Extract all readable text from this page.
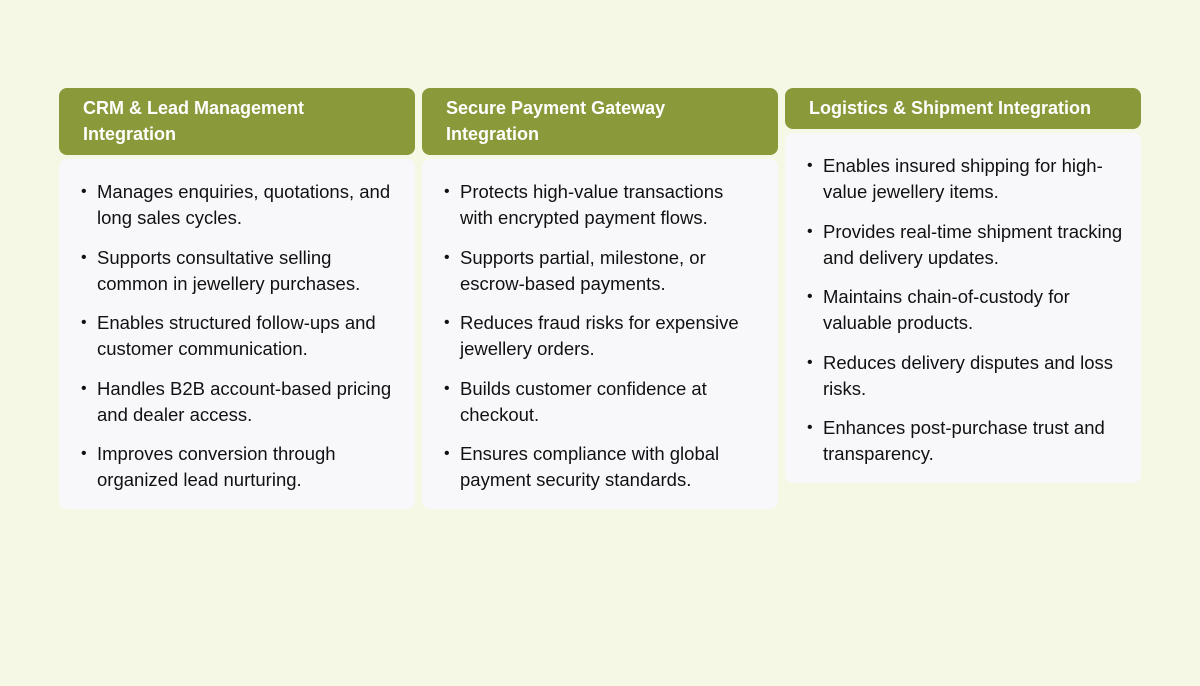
CRM & Lead Management Integration
• Manages enquiries, quotations, and long sales cycles.
• Supports consultative selling common in jewellery purchases.
• Enables structured follow-ups and customer communication.
• Handles B2B account-based pricing and dealer access.
• Improves conversion through organized lead nurturing.
Secure Payment Gateway Integration
• Protects high-value transactions with encrypted payment flows.
• Supports partial, milestone, or escrow-based payments.
• Reduces fraud risks for expensive jewellery orders.
• Builds customer confidence at checkout.
• Ensures compliance with global payment security standards.
Logistics & Shipment Integration
• Enables insured shipping for high-value jewellery items.
• Provides real-time shipment tracking and delivery updates.
• Maintains chain-of-custody for valuable products.
• Reduces delivery disputes and loss risks.
• Enhances post-purchase trust and transparency.
